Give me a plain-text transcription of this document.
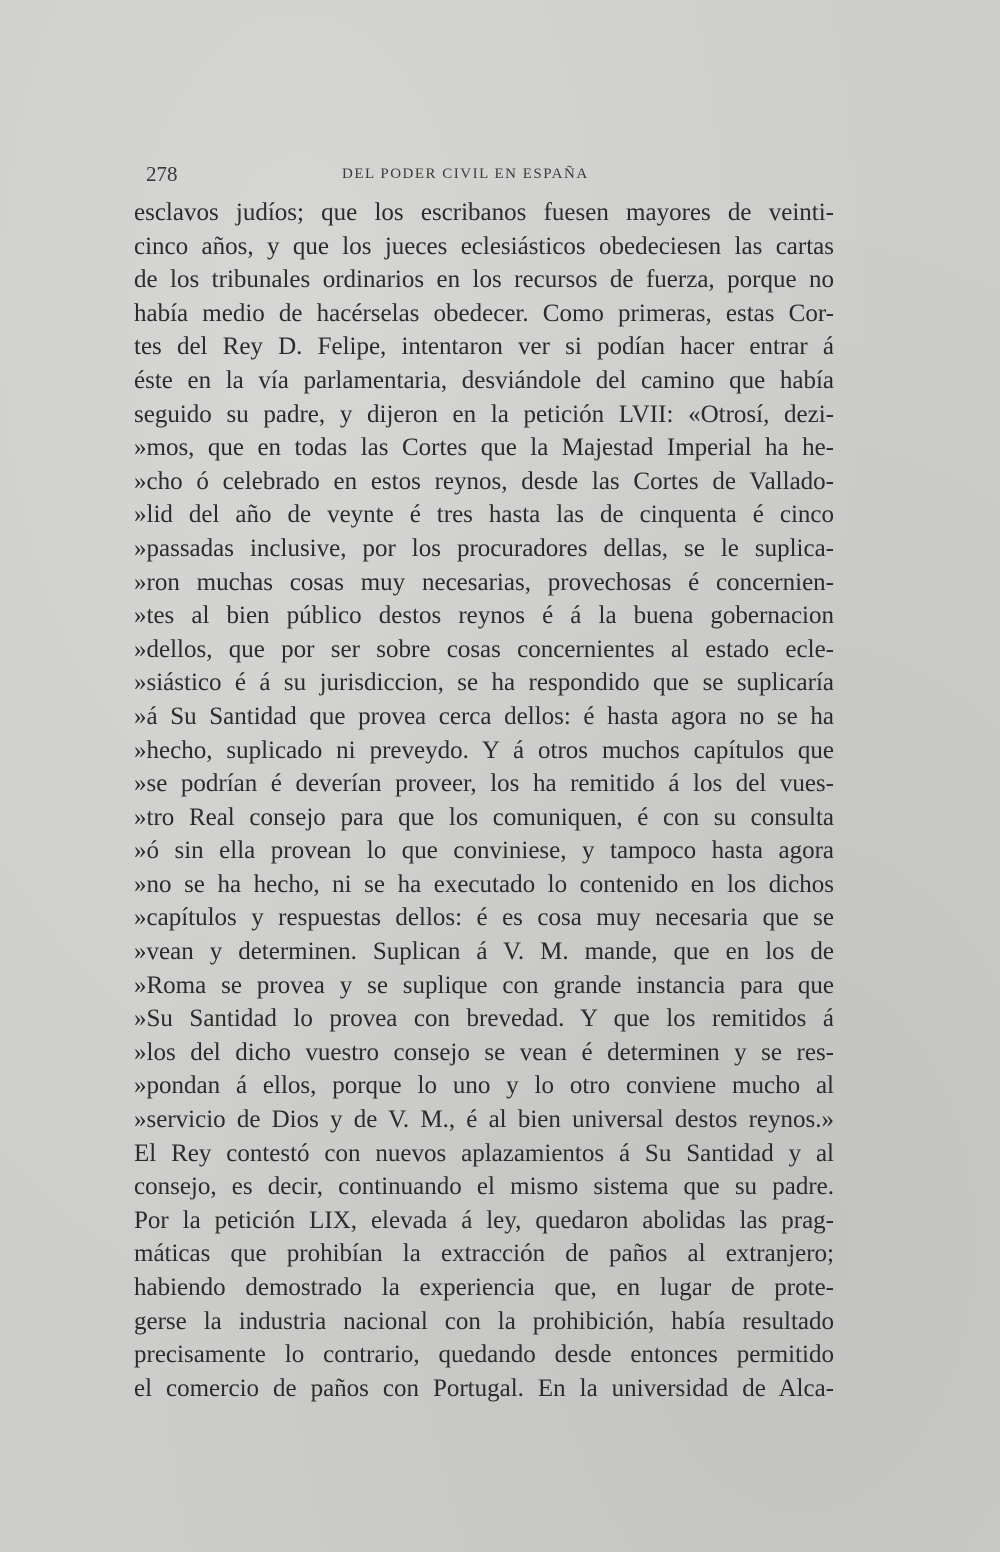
278	DEL PODER CIVIL EN ESPAÑA
esclavos judíos; que los escribanos fuesen mayores de veinti-
cinco años, y que los jueces eclesiásticos obedeciesen las cartas
de los tribunales ordinarios en los recursos de fuerza, porque no
había medio de hacérselas obedecer. Como primeras, estas Cor-
tes del Rey D. Felipe, intentaron ver si podían hacer entrar á
éste en la vía parlamentaria, desviándole del camino que había
seguido su padre, y dijeron en la petición LVII: «Otrosí, dezi-
»mos, que en todas las Cortes que la Majestad Imperial ha he-
»cho ó celebrado en estos reynos, desde las Cortes de Vallado-
»lid del año de veynte é tres hasta las de cinquenta é cinco
»passadas inclusive, por los procuradores dellas, se le suplica-
»ron muchas cosas muy necesarias, provechosas é concernien-
»tes al bien público destos reynos é á la buena gobernacion
»dellos, que por ser sobre cosas concernientes al estado ecle-
»siástico é á su jurisdiccion, se ha respondido que se suplicaría
»á Su Santidad que provea cerca dellos: é hasta agora no se ha
»hecho, suplicado ni preveydo. Y á otros muchos capítulos que
»se podrían é deverían proveer, los ha remitido á los del vues-
»tro Real consejo para que los comuniquen, é con su consulta
»ó sin ella provean lo que conviniese, y tampoco hasta agora
»no se ha hecho, ni se ha executado lo contenido en los dichos
»capítulos y respuestas dellos: é es cosa muy necesaria que se
»vean y determinen. Suplican á V. M. mande, que en los de
»Roma se provea y se suplique con grande instancia para que
»Su Santidad lo provea con brevedad. Y que los remitidos á
»los del dicho vuestro consejo se vean é determinen y se res-
»pondan á ellos, porque lo uno y lo otro conviene mucho al
»servicio de Dios y de V. M., é al bien universal destos reynos.»
El Rey contestó con nuevos aplazamientos á Su Santidad y al
consejo, es decir, continuando el mismo sistema que su padre.
Por la petición LIX, elevada á ley, quedaron abolidas las prag-
máticas que prohibían la extracción de paños al extranjero;
habiendo demostrado la experiencia que, en lugar de prote-
gerse la industria nacional con la prohibición, había resultado
precisamente lo contrario, quedando desde entonces permitido
el comercio de paños con Portugal. En la universidad de Alca-
